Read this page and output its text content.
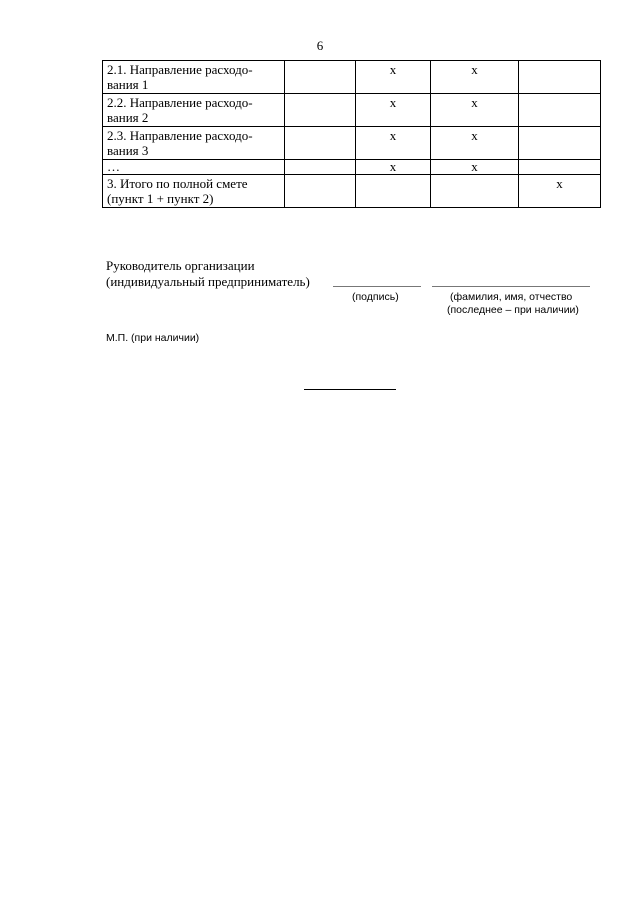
6
2.1. Направление расходо-
вания 1		x	x	
2.2. Направление расходо-
вания 2		x	x	
2.3. Направление расходо-
вания 3		x	x	
…		x	x	
3. Итого по полной смете
(пункт 1 + пункт 2)				x
Руководитель организации
(индивидуальный предприниматель)
(подпись)	(фамилия, имя, отчество
(последнее – при наличии)
М.П. (при наличии)
